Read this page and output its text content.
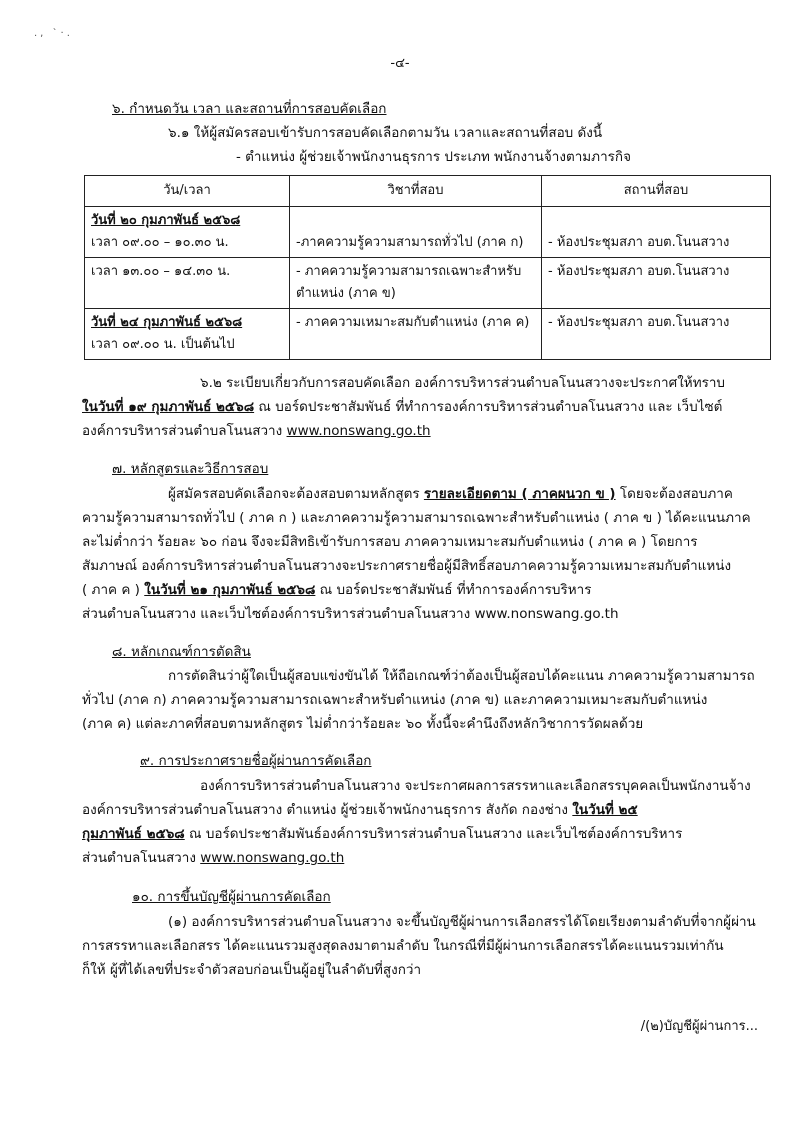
., `·.
-๔-
๖. กำหนดวัน เวลา และสถานที่การสอบคัดเลือก
๖.๑ ให้ผู้สมัครสอบเข้ารับการสอบคัดเลือกตามวัน เวลาและสถานที่สอบ ดังนี้
- ตำแหน่ง ผู้ช่วยเจ้าพนักงานธุรการ ประเภท พนักงานจ้างตามภารกิจ
วัน/เวลา	วิชาที่สอบ	สถานที่สอบ

วันที่ ๒๐ กุมภาพันธ์ ๒๕๖๘
เวลา ๐๙.๐๐ – ๑๐.๓๐ น.	-ภาคความรู้ความสามารถทั่วไป (ภาค ก)	- ห้องประชุมสภา อบต.โนนสวาง

เวลา ๑๓.๐๐ – ๑๔.๓๐ น.	- ภาคความรู้ความสามารถเฉพาะสำหรับ
ตำแหน่ง (ภาค ข)	- ห้องประชุมสภา อบต.โนนสวาง

วันที่ ๒๔ กุมภาพันธ์ ๒๕๖๘
เวลา ๐๙.๐๐ น. เป็นต้นไป	- ภาคความเหมาะสมกับตำแหน่ง (ภาค ค)	- ห้องประชุมสภา อบต.โนนสวาง
๖.๒ ระเบียบเกี่ยวกับการสอบคัดเลือก องค์การบริหารส่วนตำบลโนนสวางจะประกาศให้ทราบ
ในวันที่ ๑๙ กุมภาพันธ์ ๒๕๖๘ ณ บอร์ดประชาสัมพันธ์ ที่ทำการองค์การบริหารส่วนตำบลโนนสวาง และ เว็บไซต์
องค์การบริหารส่วนตำบลโนนสวาง www.nonswang.go.th
๗. หลักสูตรและวิธีการสอบ
ผู้สมัครสอบคัดเลือกจะต้องสอบตามหลักสูตร รายละเอียดตาม ( ภาคผนวก ข ) โดยจะต้องสอบภาค
ความรู้ความสามารถทั่วไป ( ภาค ก ) และภาคความรู้ความสามารถเฉพาะสำหรับตำแหน่ง ( ภาค ข ) ได้คะแนนภาค
ละไม่ต่ำกว่า ร้อยละ ๖๐ ก่อน จึงจะมีสิทธิเข้ารับการสอบ ภาคความเหมาะสมกับตำแหน่ง ( ภาค ค ) โดยการ
สัมภาษณ์ องค์การบริหารส่วนตำบลโนนสวางจะประกาศรายชื่อผู้มีสิทธิ์สอบภาคความรู้ความเหมาะสมกับตำแหน่ง
( ภาค ค ) ในวันที่ ๒๑ กุมภาพันธ์ ๒๕๖๘ ณ บอร์ดประชาสัมพันธ์ ที่ทำการองค์การบริหาร
ส่วนตำบลโนนสวาง และเว็บไซต์องค์การบริหารส่วนตำบลโนนสวาง www.nonswang.go.th
๘. หลักเกณฑ์การตัดสิน
การตัดสินว่าผู้ใดเป็นผู้สอบแข่งขันได้ ให้ถือเกณฑ์ว่าต้องเป็นผู้สอบได้คะแนน ภาคความรู้ความสามารถ
ทั่วไป (ภาค ก) ภาคความรู้ความสามารถเฉพาะสำหรับตำแหน่ง (ภาค ข) และภาคความเหมาะสมกับตำแหน่ง
(ภาค ค) แต่ละภาคที่สอบตามหลักสูตร ไม่ต่ำกว่าร้อยละ ๖๐ ทั้งนี้จะคำนึงถึงหลักวิชาการวัดผลด้วย
๙. การประกาศรายชื่อผู้ผ่านการคัดเลือก
องค์การบริหารส่วนตำบลโนนสวาง จะประกาศผลการสรรหาและเลือกสรรบุคคลเป็นพนักงานจ้าง
องค์การบริหารส่วนตำบลโนนสวาง ตำแหน่ง ผู้ช่วยเจ้าพนักงานธุรการ สังกัด กองช่าง ในวันที่ ๒๕
กุมภาพันธ์ ๒๕๖๘ ณ บอร์ดประชาสัมพันธ์องค์การบริหารส่วนตำบลโนนสวาง และเว็บไซต์องค์การบริหาร
ส่วนตำบลโนนสวาง www.nonswang.go.th
๑๐. การขึ้นบัญชีผู้ผ่านการคัดเลือก
(๑) องค์การบริหารส่วนตำบลโนนสวาง จะขึ้นบัญชีผู้ผ่านการเลือกสรรได้โดยเรียงตามลำดับที่จากผู้ผ่าน
การสรรหาและเลือกสรร ได้คะแนนรวมสูงสุดลงมาตามลำดับ ในกรณีที่มีผู้ผ่านการเลือกสรรได้คะแนนรวมเท่ากัน
ก็ให้ ผู้ที่ได้เลขที่ประจำตัวสอบก่อนเป็นผู้อยู่ในลำดับที่สูงกว่า
/(๒)บัญชีผู้ผ่านการ...
